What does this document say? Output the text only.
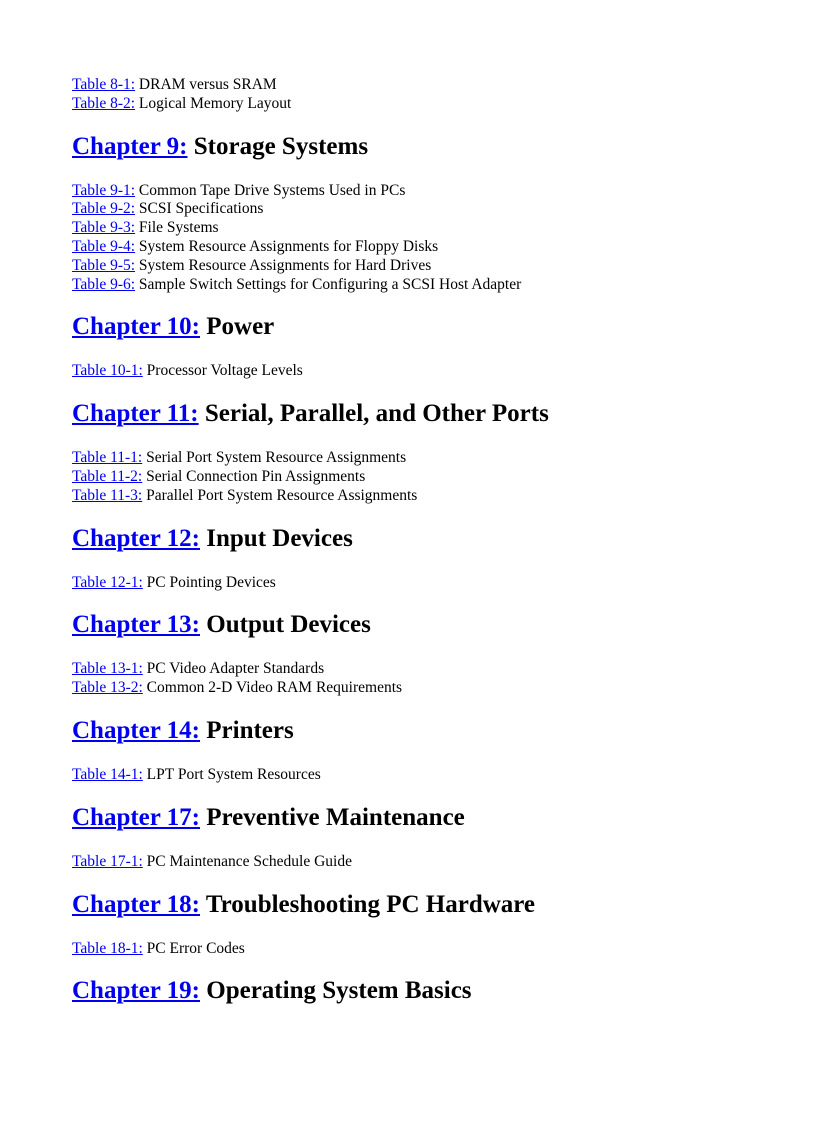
Table 8-1: DRAM versus SRAM
Table 8-2: Logical Memory Layout
Chapter 9: Storage Systems
Table 9-1: Common Tape Drive Systems Used in PCs
Table 9-2: SCSI Specifications
Table 9-3: File Systems
Table 9-4: System Resource Assignments for Floppy Disks
Table 9-5: System Resource Assignments for Hard Drives
Table 9-6: Sample Switch Settings for Configuring a SCSI Host Adapter
Chapter 10: Power
Table 10-1: Processor Voltage Levels
Chapter 11: Serial, Parallel, and Other Ports
Table 11-1: Serial Port System Resource Assignments
Table 11-2: Serial Connection Pin Assignments
Table 11-3: Parallel Port System Resource Assignments
Chapter 12: Input Devices
Table 12-1: PC Pointing Devices
Chapter 13: Output Devices
Table 13-1: PC Video Adapter Standards
Table 13-2: Common 2-D Video RAM Requirements
Chapter 14: Printers
Table 14-1: LPT Port System Resources
Chapter 17: Preventive Maintenance
Table 17-1: PC Maintenance Schedule Guide
Chapter 18: Troubleshooting PC Hardware
Table 18-1: PC Error Codes
Chapter 19: Operating System Basics
